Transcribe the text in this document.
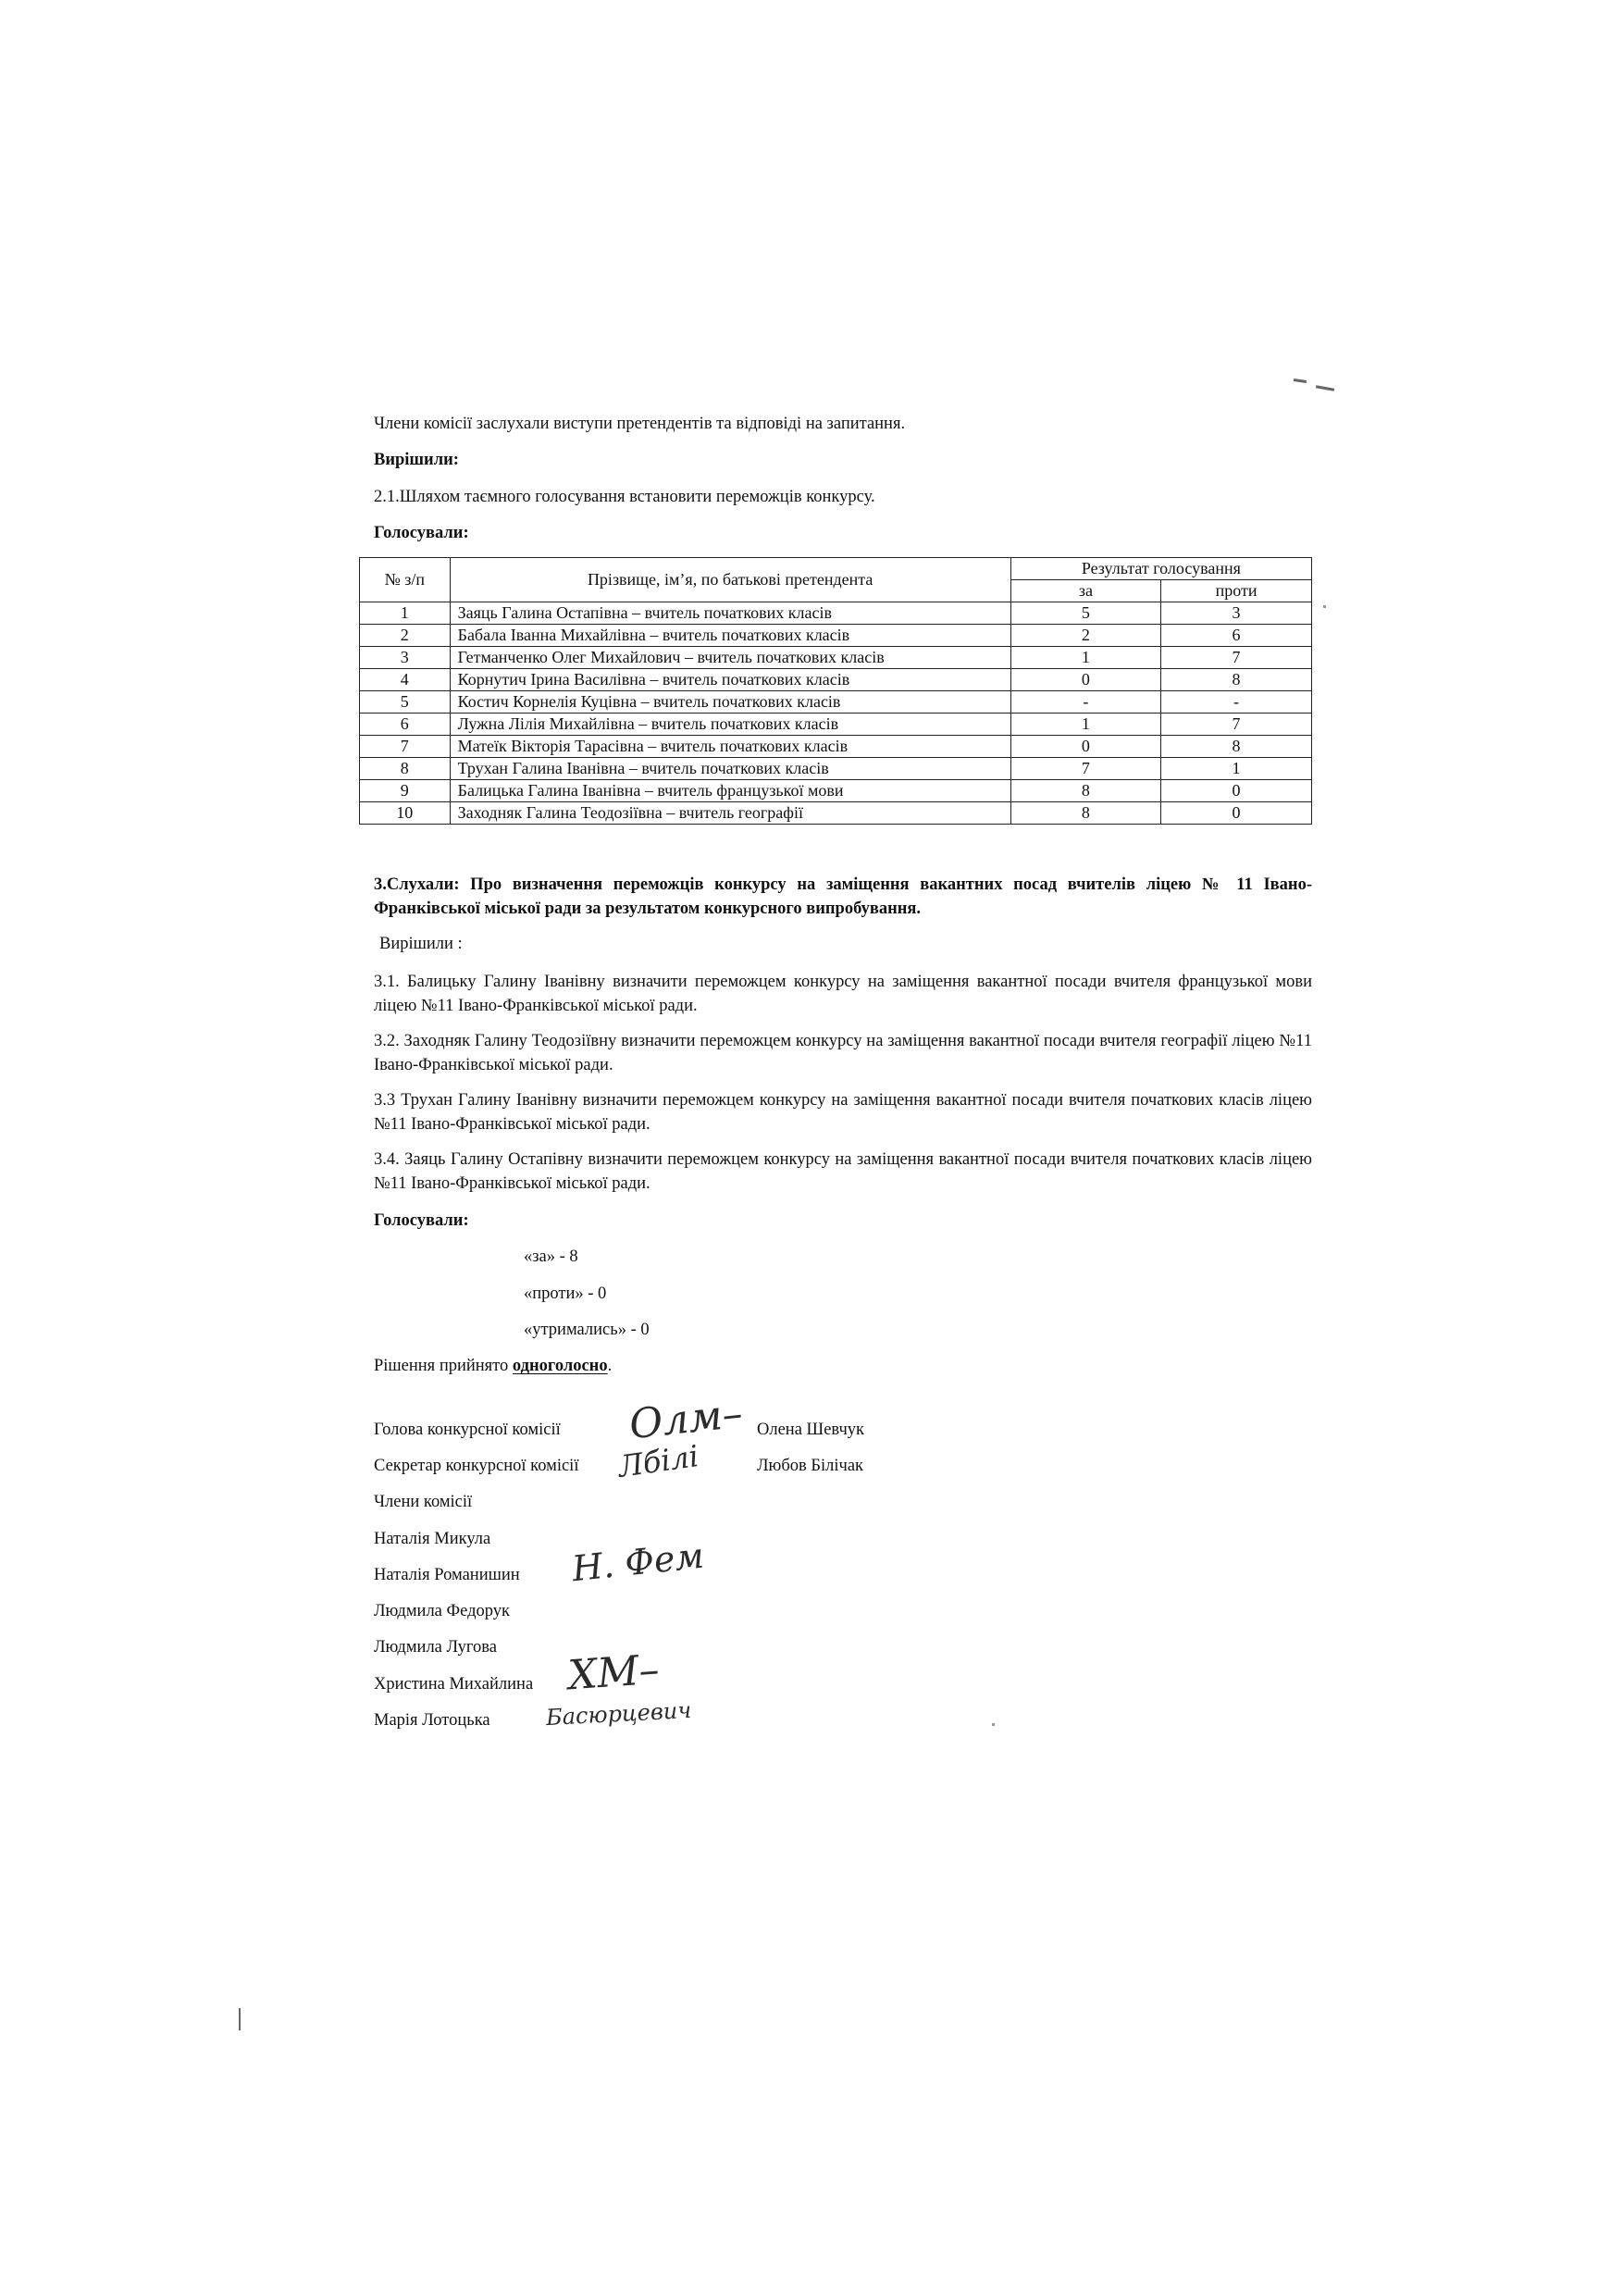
Члени комісії заслухали виступи претендентів та відповіді на запитання.
Вирішили:
2.1.Шляхом таємного голосування встановити переможців конкурсу.
Голосували:
№ з/п	Прізвище, ім’я, по батькові претендента	Результат голосування	
		за	проти
1	Заяць Галина Остапівна – вчитель початкових класів	5	3
2	Бабала Іванна Михайлівна – вчитель початкових класів	2	6
3	Гетманченко Олег Михайлович – вчитель початкових класів	1	7
4	Корнутич Ірина Василівна – вчитель початкових класів	0	8
5	Костич Корнелія Куцівна – вчитель початкових класів	-	-
6	Лужна Лілія Михайлівна – вчитель початкових класів	1	7
7	Матеїк Вікторія Тарасівна – вчитель початкових класів	0	8
8	Трухан Галина Іванівна – вчитель початкових класів	7	1
9	Балицька Галина Іванівна – вчитель французької мови	8	0
10	Заходняк Галина Теодозіївна – вчитель географії	8	0
3.Слухали: Про визначення переможців конкурсу на заміщення вакантних посад вчителів ліцею № 11 Івано-Франківської міської ради за результатом конкурсного випробування.
Вирішили :
3.1. Балицьку Галину Іванівну визначити переможцем конкурсу на заміщення вакантної посади вчителя французької мови ліцею №11 Івано-Франківської міської ради.
3.2. Заходняк Галину Теодозіївну визначити переможцем конкурсу на заміщення вакантної посади вчителя географії ліцею №11 Івано-Франківської міської ради.
3.3 Трухан Галину Іванівну визначити переможцем конкурсу на заміщення вакантної посади вчителя початкових класів ліцею №11 Івано-Франківської міської ради.
3.4. Заяць Галину Остапівну визначити переможцем конкурсу на заміщення вакантної посади вчителя початкових класів ліцею №11 Івано-Франківської міської ради.
Голосували:
«за» - 8
«проти» - 0
«утримались» - 0
Рішення прийнято одноголосно.
Голова конкурсної комісії	Олена Шевчук
Секретар конкурсної комісії	Любов Білічак
Члени комісії
Наталія Микула
Наталія Романишин
Людмила Федорук
Людмила Лугова
Христина Михайлина
Марія Лотоцька
Олм–
Лбілі
Н. Фем
ХМ–
Басюрцевич
